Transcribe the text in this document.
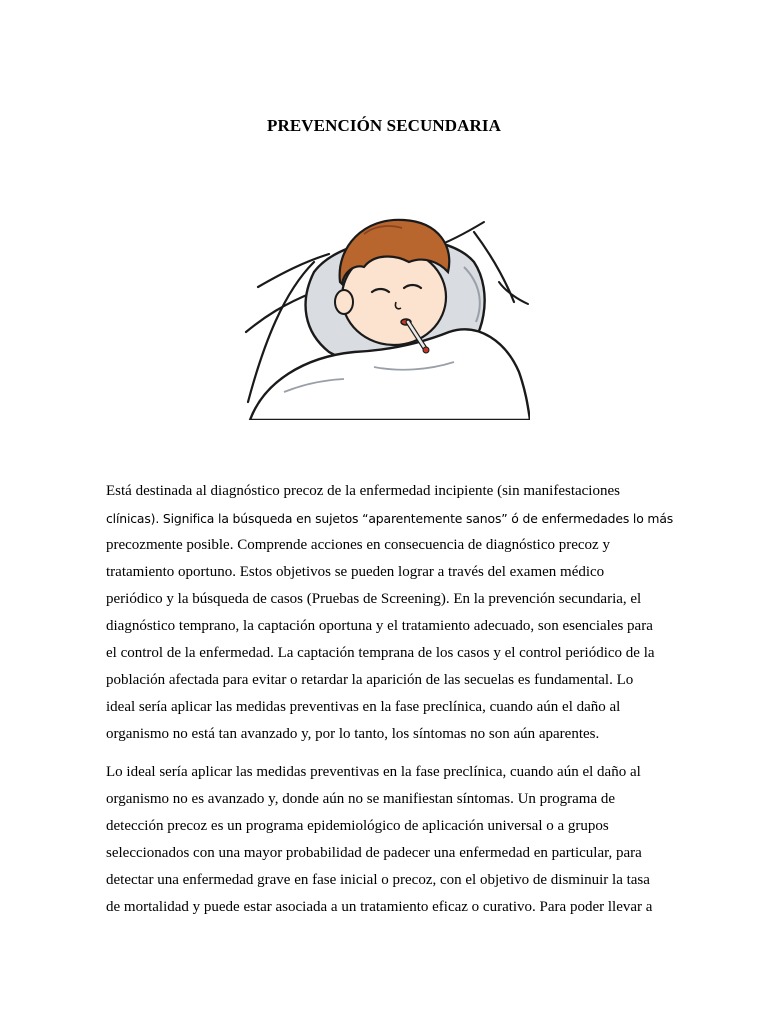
PREVENCIÓN SECUNDARIA
Está destinada al diagnóstico precoz de la enfermedad incipiente (sin manifestaciones
clínicas). Significa la búsqueda en sujetos “aparentemente sanos” ó de enfermedades lo más
precozmente posible. Comprende acciones en consecuencia de diagnóstico precoz y
tratamiento oportuno. Estos objetivos se pueden lograr a través del examen médico
periódico y la búsqueda de casos (Pruebas de Screening). En la prevención secundaria, el
diagnóstico temprano, la captación oportuna y el tratamiento adecuado, son esenciales para
el control de la enfermedad. La captación temprana de los casos y el control periódico de la
población afectada para evitar o retardar la aparición de las secuelas es fundamental. Lo
ideal sería aplicar las medidas preventivas en la fase preclínica, cuando aún el daño al
organismo no está tan avanzado y, por lo tanto, los síntomas no son aún aparentes.
Lo ideal sería aplicar las medidas preventivas en la fase preclínica, cuando aún el daño al
organismo no es avanzado y, donde aún no se manifiestan síntomas. Un programa de
detección precoz es un programa epidemiológico de aplicación universal o a grupos
seleccionados con una mayor probabilidad de padecer una enfermedad en particular, para
detectar una enfermedad grave en fase inicial o precoz, con el objetivo de disminuir la tasa
de mortalidad y puede estar asociada a un tratamiento eficaz o curativo. Para poder llevar a
